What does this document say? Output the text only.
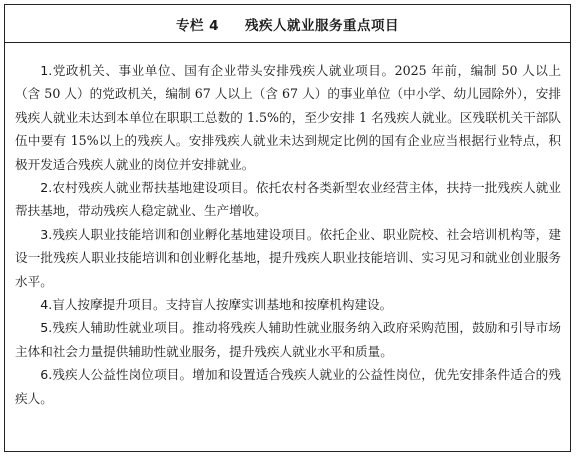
专栏 4 残疾人就业服务重点项目

1.党政机关、事业单位、国有企业带头安排残疾人就业项目。2025 年前，编制 50 人以上（含 50 人）的党政机关，编制 67 人以上（含 67 人）的事业单位（中小学、幼儿园除外），安排残疾人就业未达到本单位在职职工总数的 1.5%的，至少安排 1 名残疾人就业。区残联机关干部队伍中要有 15%以上的残疾人。安排残疾人就业未达到规定比例的国有企业应当根据行业特点，积极开发适合残疾人就业的岗位并安排就业。

2.农村残疾人就业帮扶基地建设项目。依托农村各类新型农业经营主体，扶持一批残疾人就业帮扶基地，带动残疾人稳定就业、生产增收。

3.残疾人职业技能培训和创业孵化基地建设项目。依托企业、职业院校、社会培训机构等，建设一批残疾人职业技能培训和创业孵化基地，提升残疾人职业技能培训、实习见习和就业创业服务水平。

4.盲人按摩提升项目。支持盲人按摩实训基地和按摩机构建设。

5.残疾人辅助性就业项目。推动将残疾人辅助性就业服务纳入政府采购范围，鼓励和引导市场主体和社会力量提供辅助性就业服务，提升残疾人就业水平和质量。

6.残疾人公益性岗位项目。增加和设置适合残疾人就业的公益性岗位，优先安排条件适合的残疾人。
